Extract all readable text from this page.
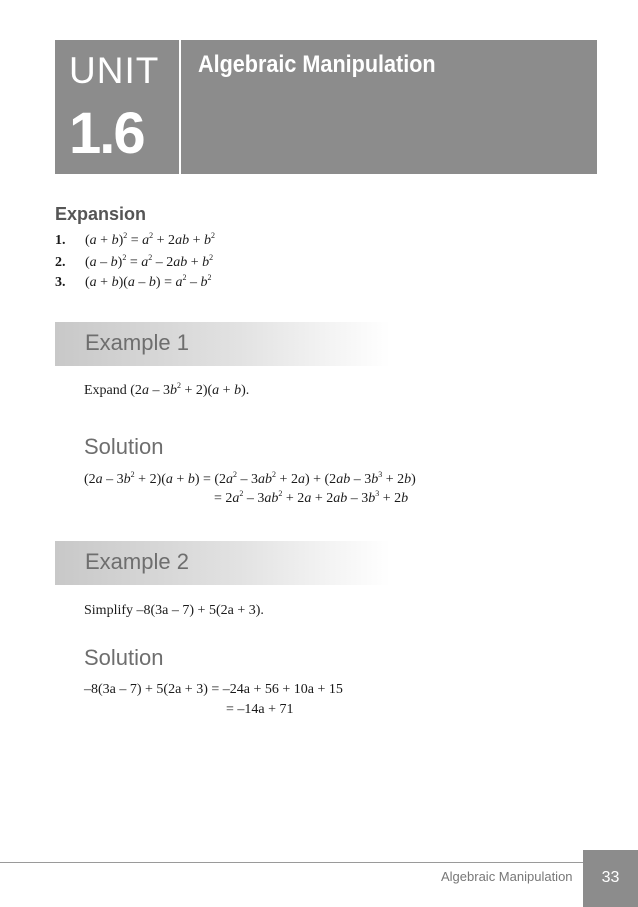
UNIT
1.6
Algebraic Manipulation
Expansion
1. $(a + b)^2 = a^2 + 2ab + b^2$
2. $(a - b)^2 = a^2 - 2ab + b^2$
3. $(a + b)(a - b) = a^2 - b^2$
Example 1
Expand $(2a - 3b^2 + 2)(a + b)$.
Solution
$(2a - 3b^2 + 2)(a + b) = (2a^2 - 3ab^2 + 2a) + (2ab - 3b^3 + 2b)$
= $2a^2 - 3ab^2 + 2a + 2ab - 3b^3 + 2b$
Example 2
Simplify –8(3a – 7) + 5(2a + 3).
Solution
–8(3a – 7) + 5(2a + 3) = –24a + 56 + 10a + 15
= –14a + 71
Algebraic Manipulation	33
